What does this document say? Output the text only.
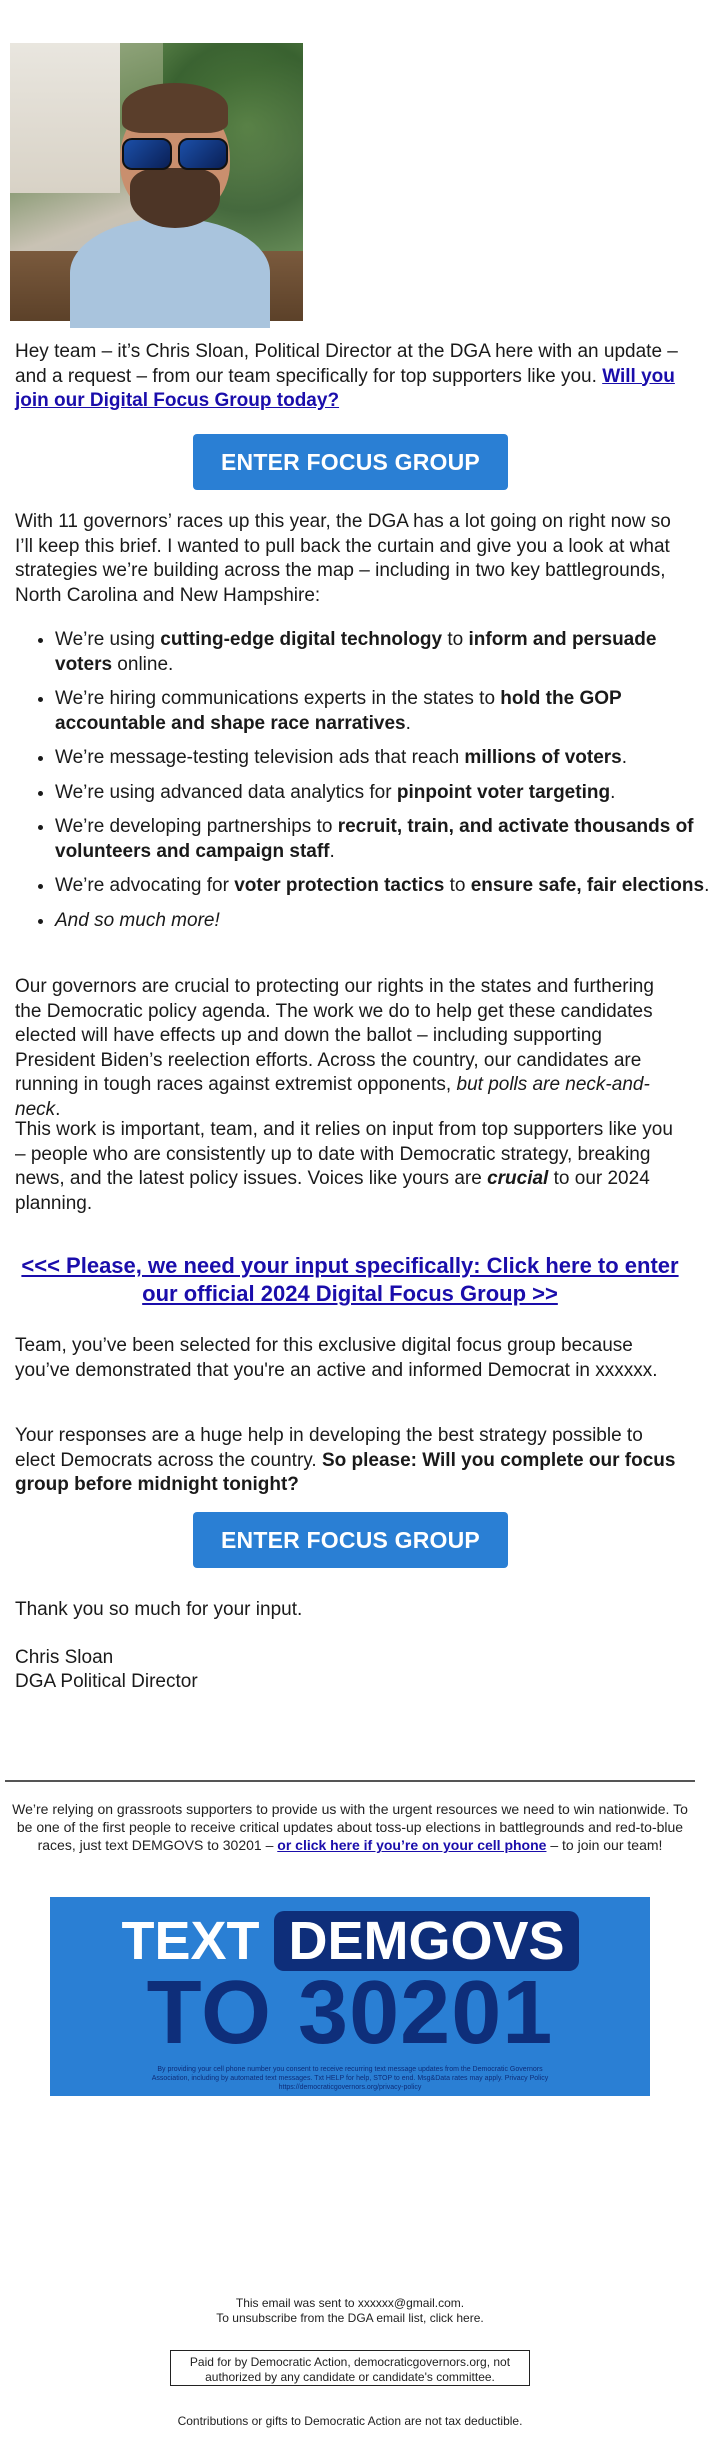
Hey team – it’s Chris Sloan, Political Director at the DGA here with an update – and a request – from our team specifically for top supporters like you. Will you join our Digital Focus Group today?

ENTER FOCUS GROUP

With 11 governors’ races up this year, the DGA has a lot going on right now so I’ll keep this brief. I wanted to pull back the curtain and give you a look at what strategies we’re building across the map – including in two key battlegrounds, North Carolina and New Hampshire:

• We’re using cutting-edge digital technology to inform and persuade voters online.
• We’re hiring communications experts in the states to hold the GOP accountable and shape race narratives.
• We’re message-testing television ads that reach millions of voters.
• We’re using advanced data analytics for pinpoint voter targeting.
• We’re developing partnerships to recruit, train, and activate thousands of volunteers and campaign staff.
• We’re advocating for voter protection tactics to ensure safe, fair elections.
• And so much more!

Our governors are crucial to protecting our rights in the states and furthering the Democratic policy agenda. The work we do to help get these candidates elected will have effects up and down the ballot – including supporting President Biden’s reelection efforts. Across the country, our candidates are running in tough races against extremist opponents, but polls are neck-and-neck.

This work is important, team, and it relies on input from top supporters like you – people who are consistently up to date with Democratic strategy, breaking news, and the latest policy issues. Voices like yours are crucial to our 2024 planning.

<<< Please, we need your input specifically: Click here to enter our official 2024 Digital Focus Group >>

Team, you’ve been selected for this exclusive digital focus group because you’ve demonstrated that you're an active and informed Democrat in xxxxxx.

Your responses are a huge help in developing the best strategy possible to elect Democrats across the country. So please: Will you complete our focus group before midnight tonight?

ENTER FOCUS GROUP

Thank you so much for your input.

Chris Sloan

DGA Political Director

We’re relying on grassroots supporters to provide us with the urgent resources we need to win nationwide. To be one of the first people to receive critical updates about toss-up elections in battlegrounds and red-to-blue races, just text DEMGOVS to 30201 – or click here if you’re on your cell phone – to join our team!
TEXT DEMGOVS
TO 30201
By providing your cell phone number you consent to receive recurring text message updates from the Democratic Governors Association, including by automated text messages. Txt HELP for help, STOP to end. Msg&Data rates may apply. Privacy Policy https://democraticgovernors.org/privacy-policy
This email was sent to xxxxxx@gmail.com.
To unsubscribe from the DGA email list, click here.
Paid for by Democratic Action, democraticgovernors.org, not authorized by any candidate or candidate's committee.
Contributions or gifts to Democratic Action are not tax deductible.
